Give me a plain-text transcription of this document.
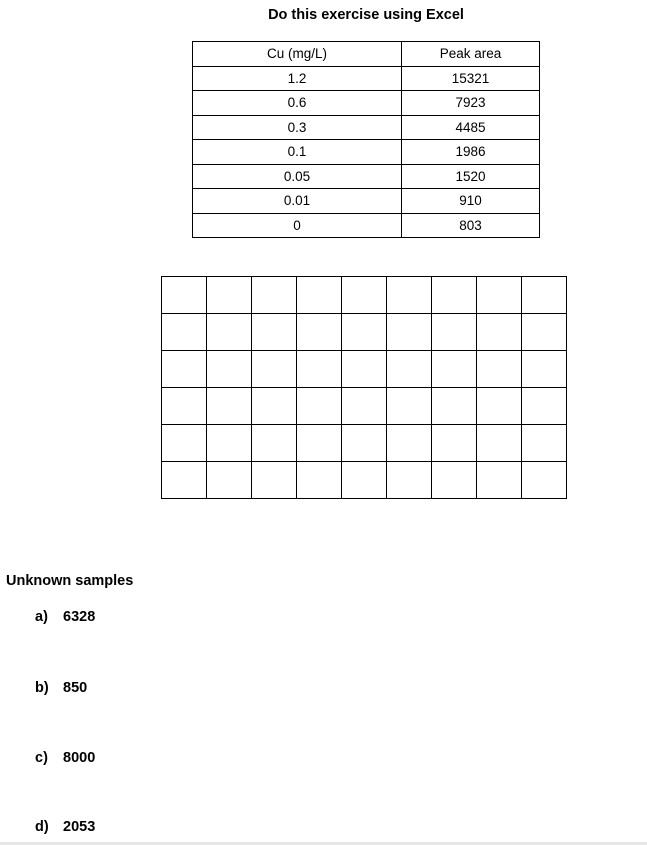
Do this exercise using Excel
Cu (mg/L)	Peak area
1.2	15321
0.6	7923
0.3	4485
0.1	1986
0.05	1520
0.01	910
0	803

Unknown samples
a) 6328
b) 850
c) 8000
d) 2053
